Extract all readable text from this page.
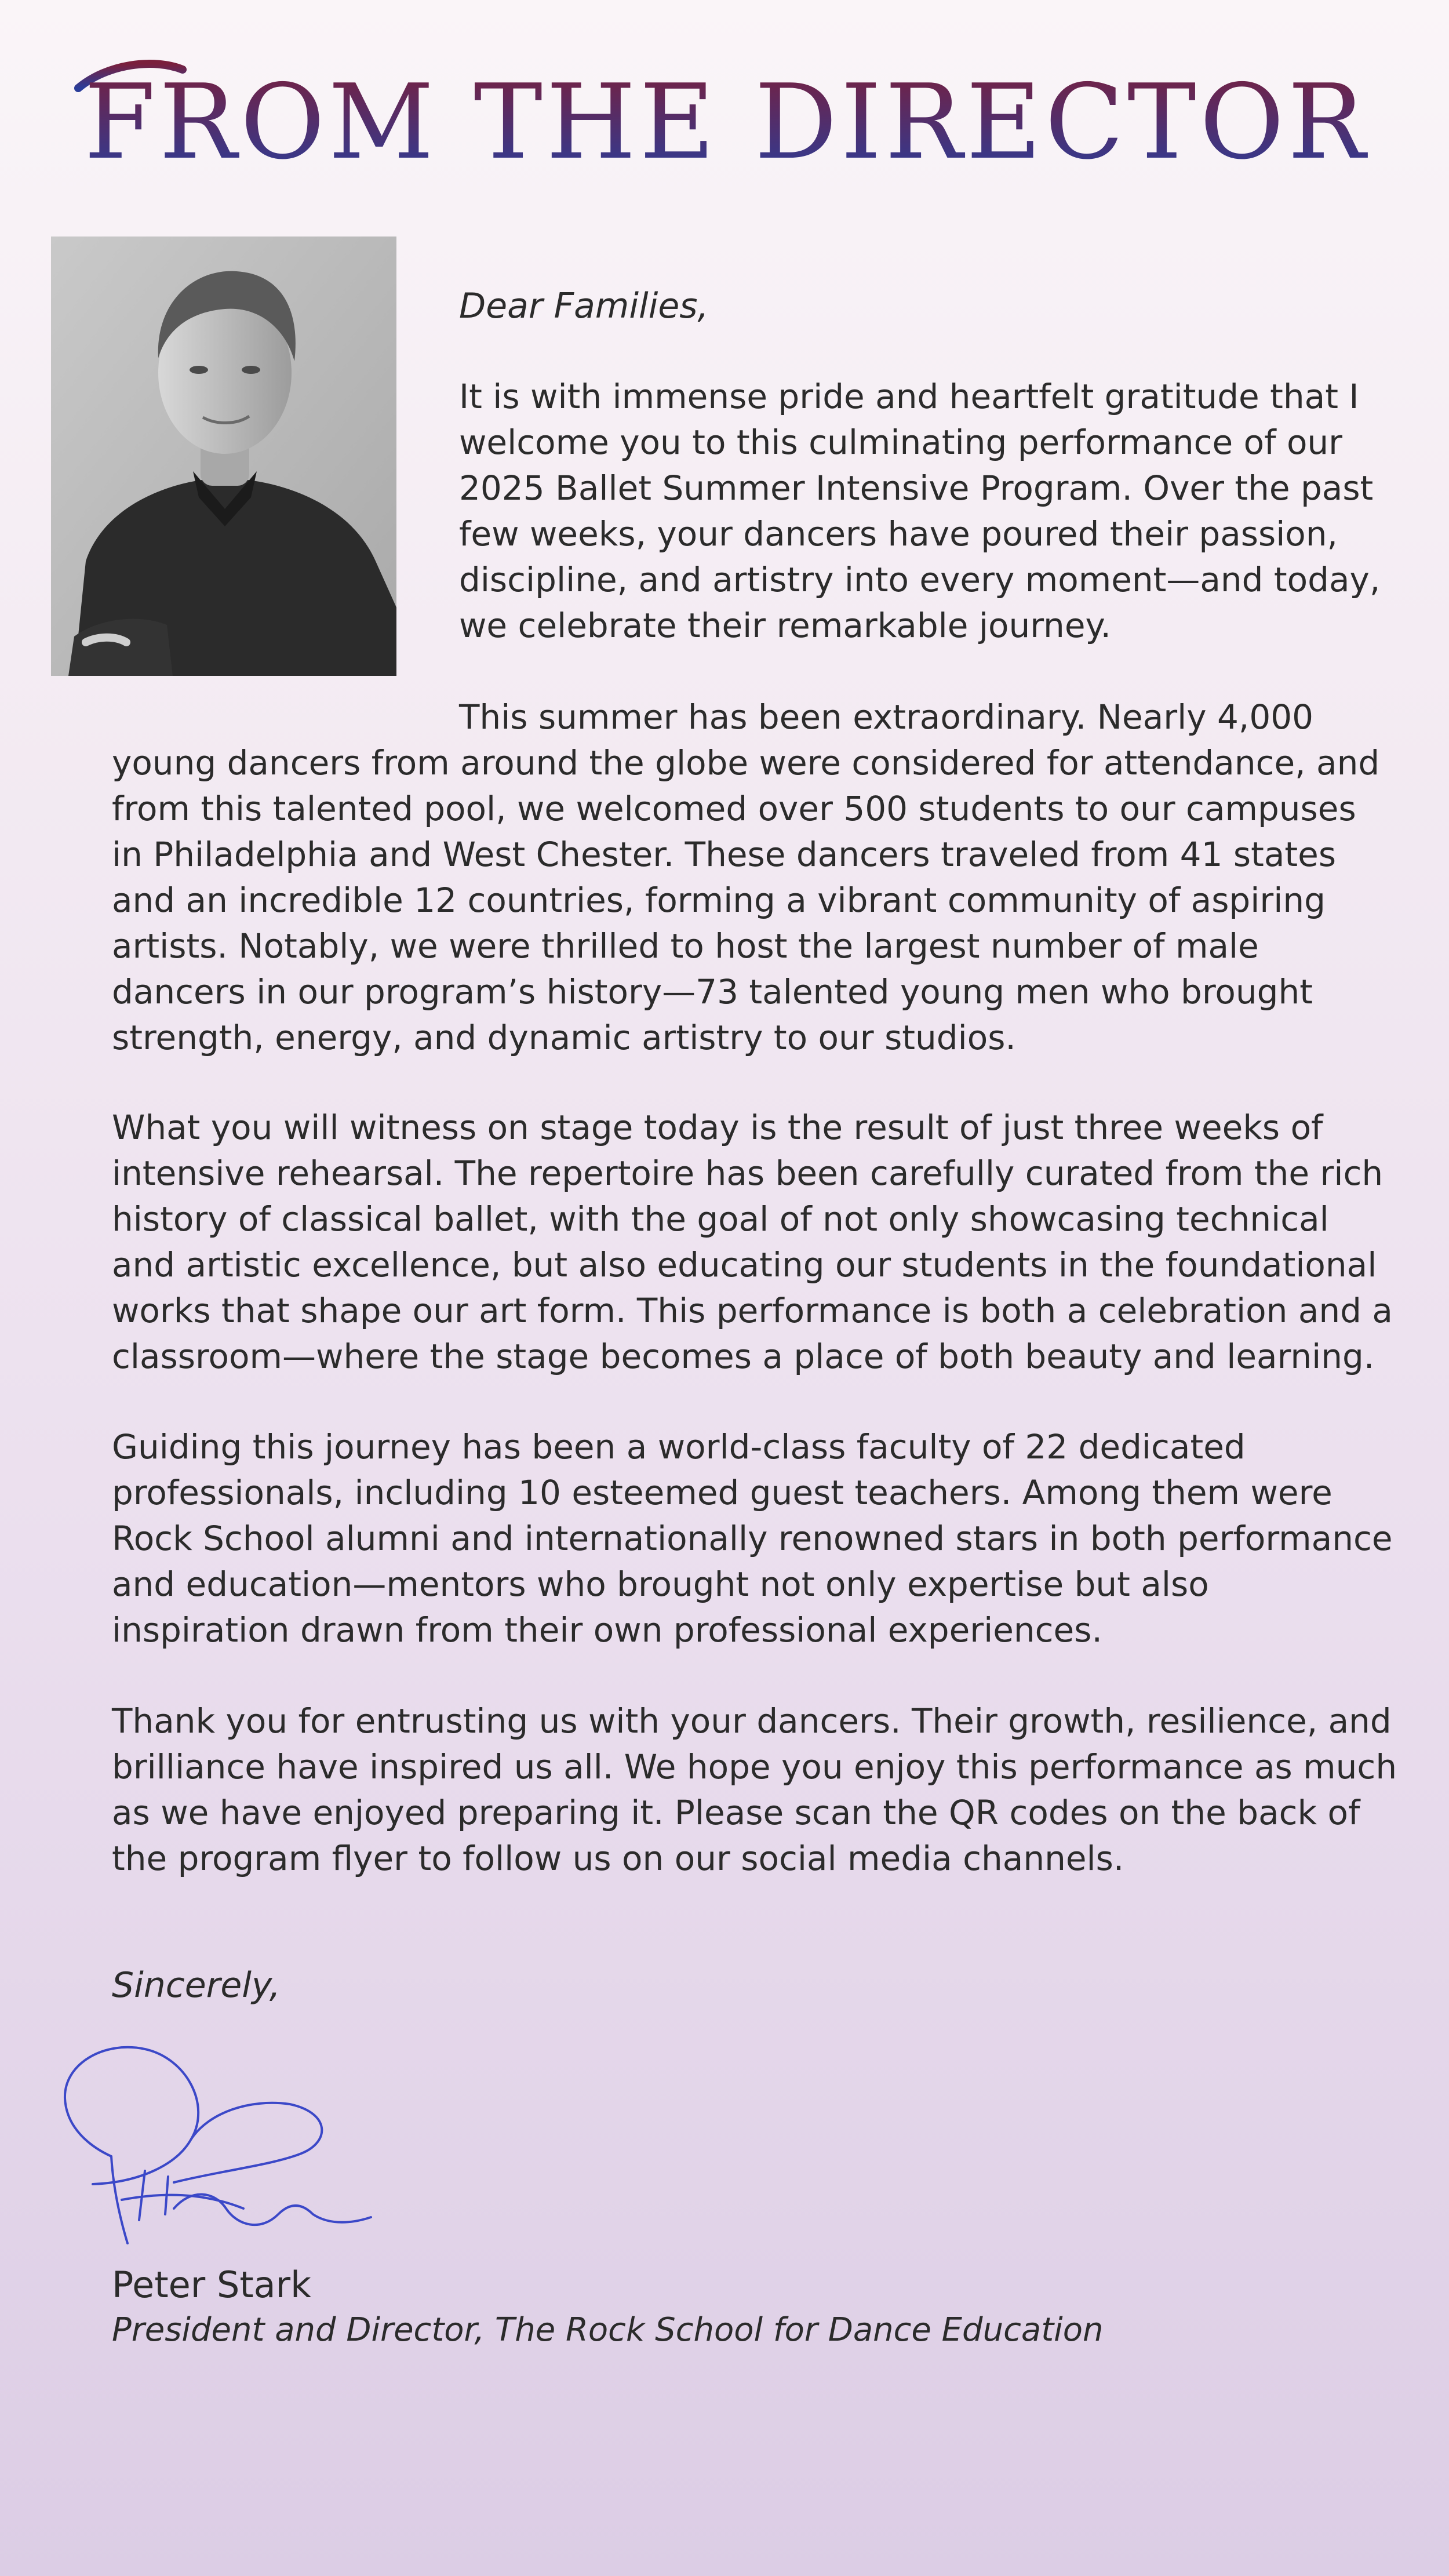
FROM THE DIRECTOR
Dear Families,
It is with immense pride and heartfelt gratitude that I
welcome you to this culminating performance of our
2025 Ballet Summer Intensive Program. Over the past
few weeks, your dancers have poured their passion,
discipline, and artistry into every moment—and today,
we celebrate their remarkable journey.
This summer has been extraordinary. Nearly 4,000
young dancers from around the globe were considered for attendance, and
from this talented pool, we welcomed over 500 students to our campuses
in Philadelphia and West Chester. These dancers traveled from 41 states
and an incredible 12 countries, forming a vibrant community of aspiring
artists. Notably, we were thrilled to host the largest number of male
dancers in our program’s history—73 talented young men who brought
strength, energy, and dynamic artistry to our studios.
What you will witness on stage today is the result of just three weeks of
intensive rehearsal. The repertoire has been carefully curated from the rich
history of classical ballet, with the goal of not only showcasing technical
and artistic excellence, but also educating our students in the foundational
works that shape our art form. This performance is both a celebration and a
classroom—where the stage becomes a place of both beauty and learning.
Guiding this journey has been a world-class faculty of 22 dedicated
professionals, including 10 esteemed guest teachers. Among them were
Rock School alumni and internationally renowned stars in both performance
and education—mentors who brought not only expertise but also
inspiration drawn from their own professional experiences.
Thank you for entrusting us with your dancers. Their growth, resilience, and
brilliance have inspired us all. We hope you enjoy this performance as much
as we have enjoyed preparing it. Please scan the QR codes on the back of
the program flyer to follow us on our social media channels.
Sincerely,
Peter Stark
President and Director, The Rock School for Dance Education
